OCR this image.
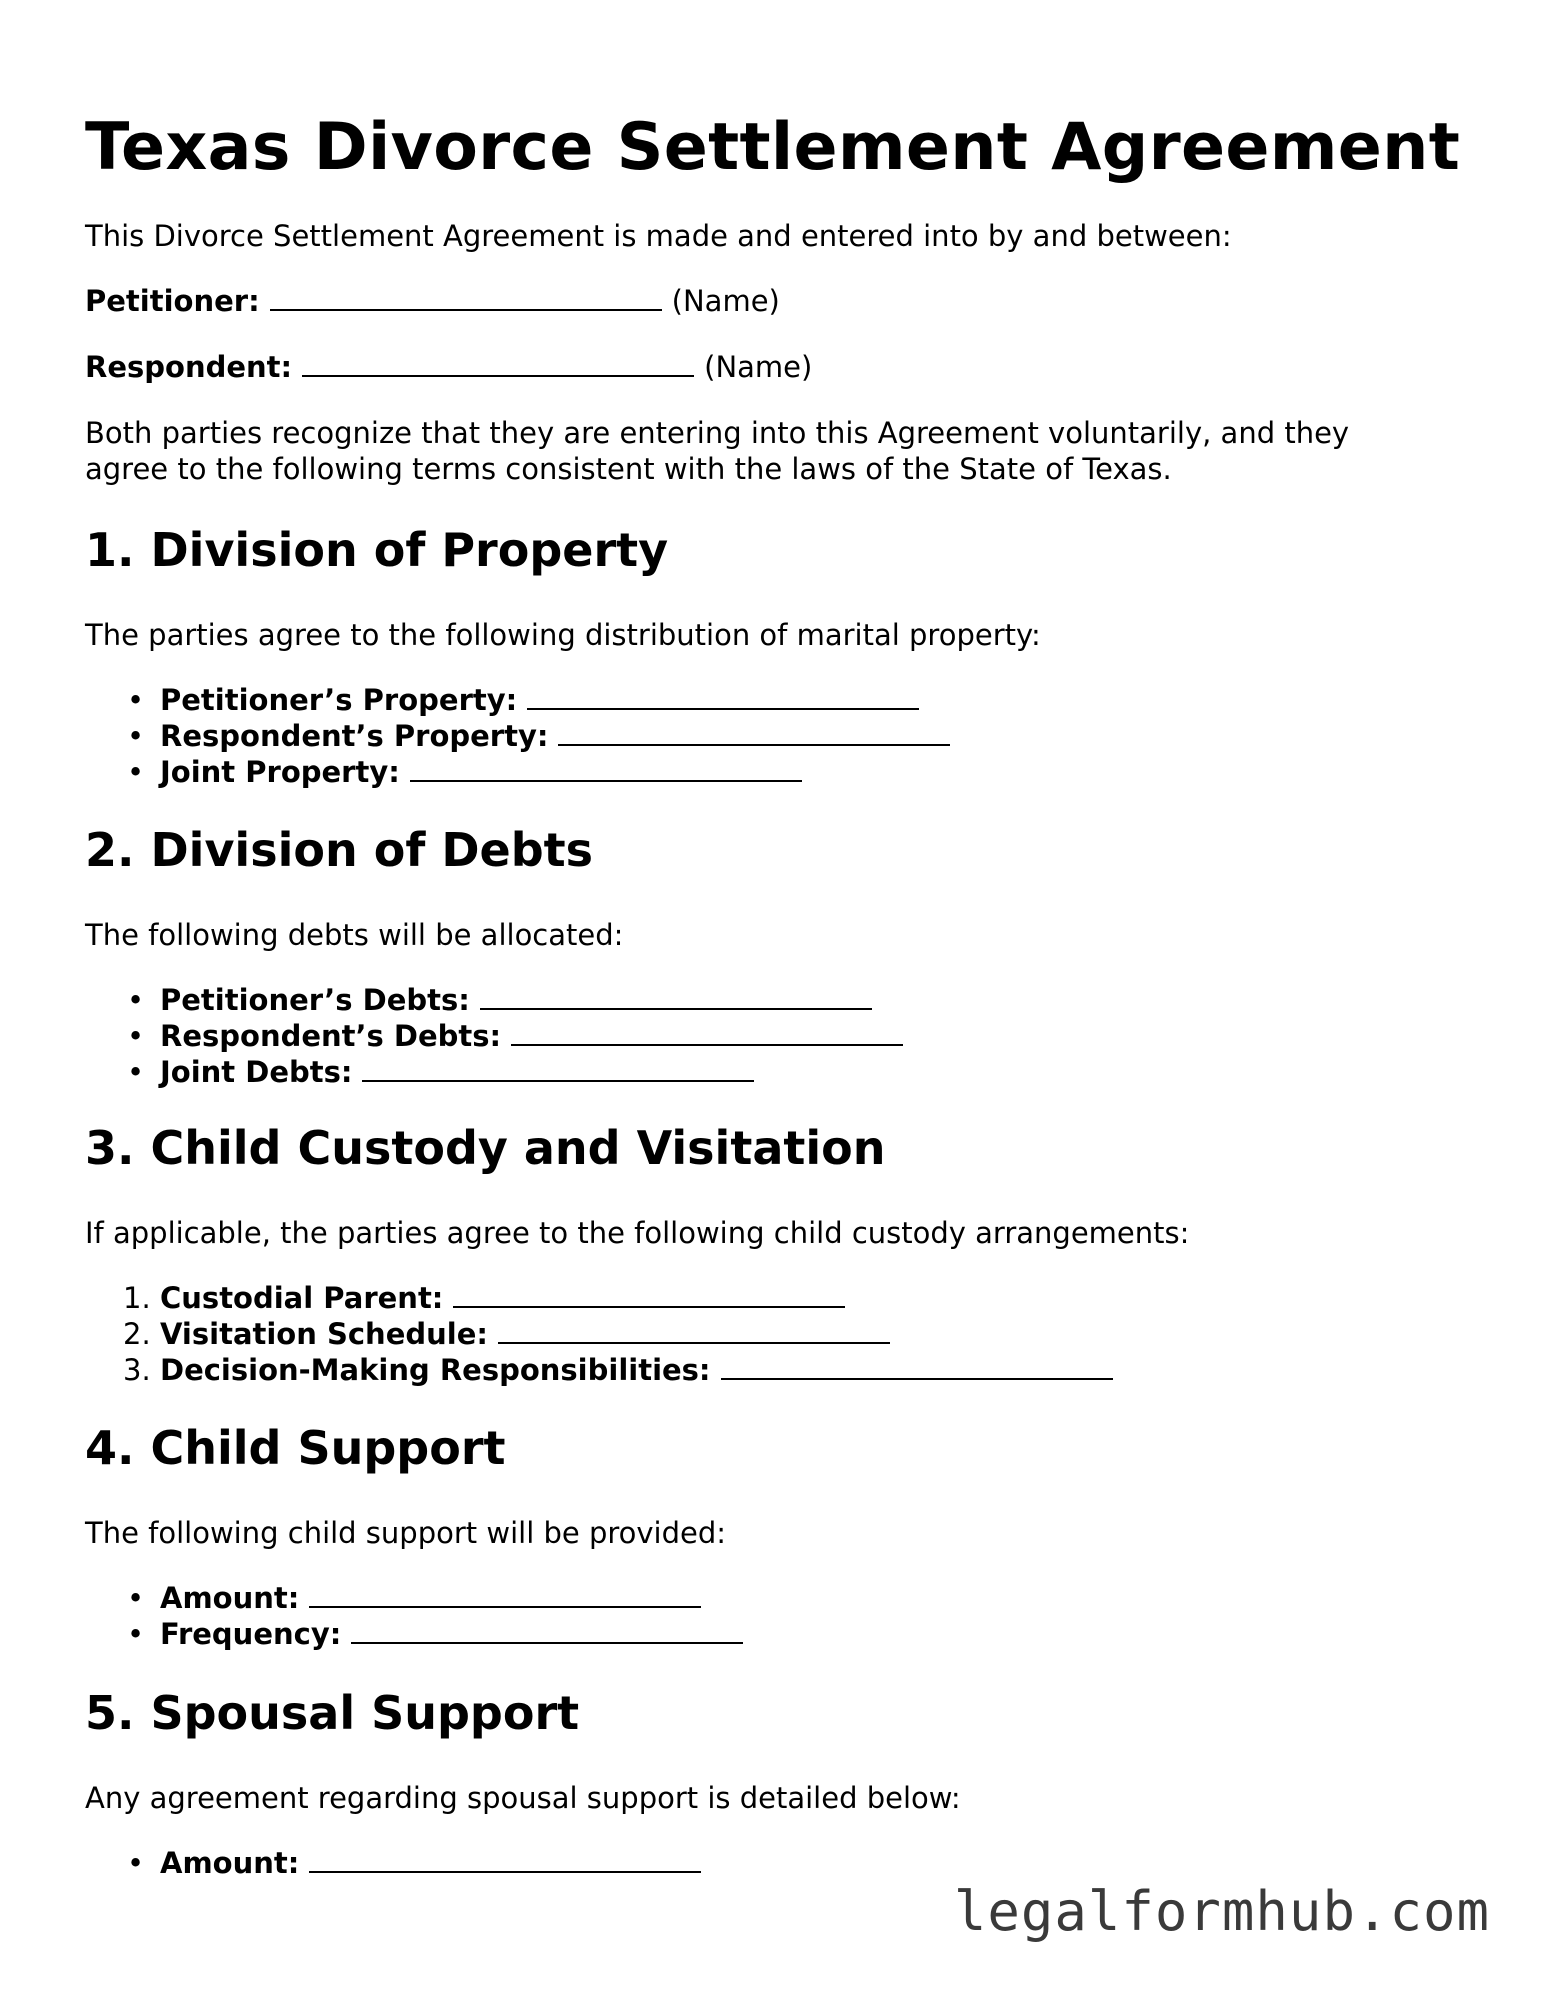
Texas Divorce Settlement Agreement

This Divorce Settlement Agreement is made and entered into by and between:

Petitioner:	(Name)

Respondent:	(Name)

Both parties recognize that they are entering into this Agreement voluntarily, and they

agree to the following terms consistent with the laws of the State of Texas.

1. Division of Property

The parties agree to the following distribution of marital property:

• Petitioner’s Property:
• Respondent’s Property:
• Joint Property:
2. Division of Debts

The following debts will be allocated:

• Petitioner’s Debts:
• Respondent’s Debts:
• Joint Debts:
3. Child Custody and Visitation

If applicable, the parties agree to the following child custody arrangements:

1. Custodial Parent:
2. Visitation Schedule:
3. Decision-Making Responsibilities:
4. Child Support

The following child support will be provided:

• Amount:
• Frequency:
5. Spousal Support

Any agreement regarding spousal support is detailed below:

• Amount:
legalformhub.com
